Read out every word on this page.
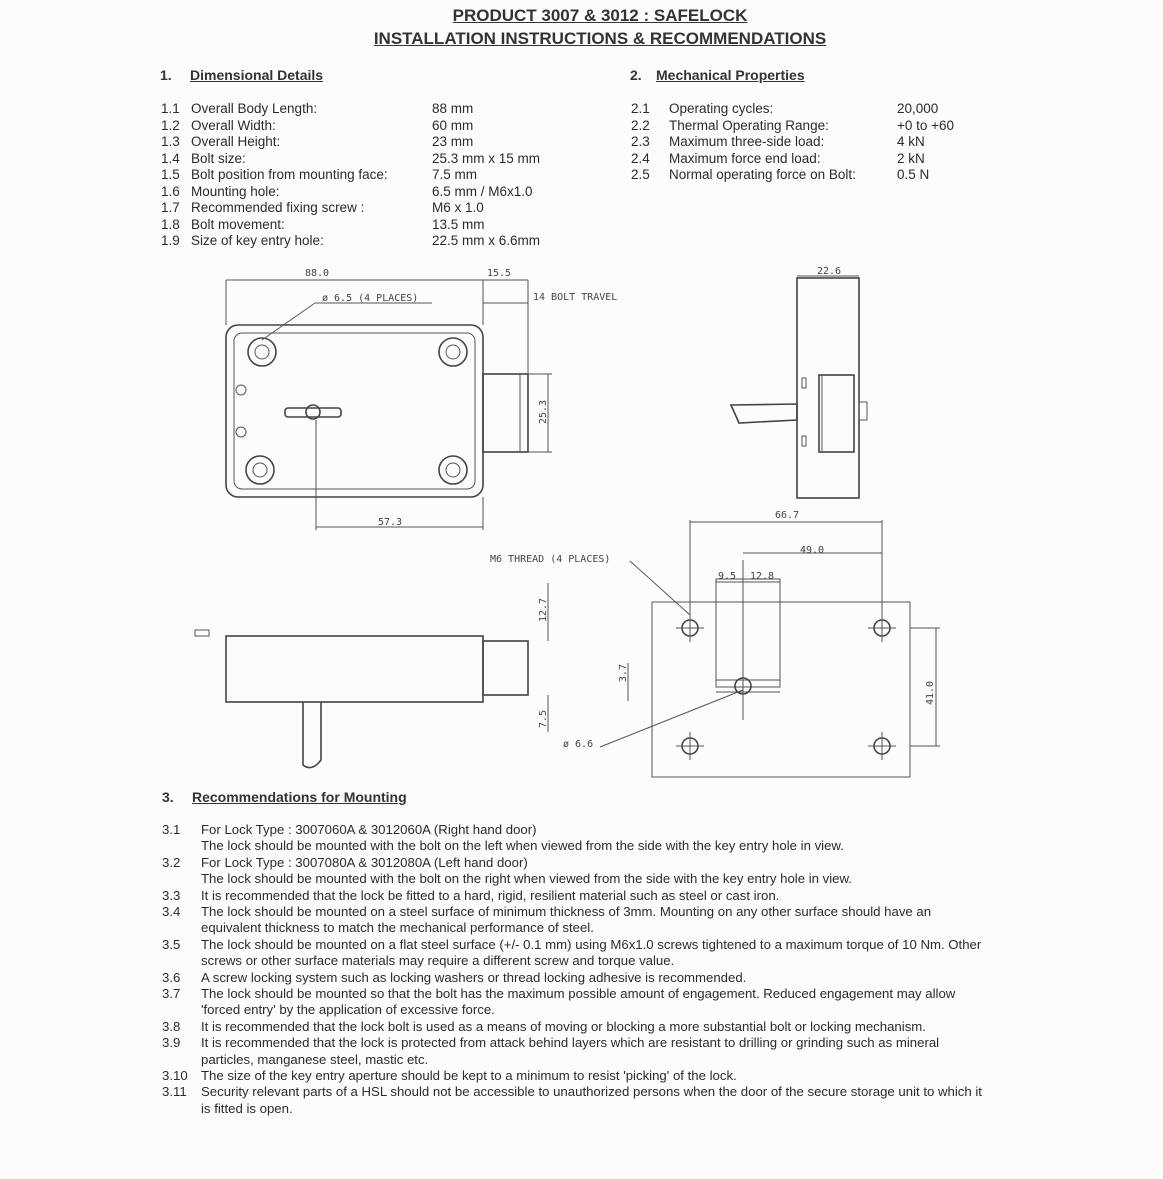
PRODUCT 3007 & 3012 : SAFELOCK
INSTALLATION INSTRUCTIONS & RECOMMENDATIONS
1. Dimensional Details	2. Mechanical Properties
1.1 Overall Body Length:	88 mm
1.2 Overall Width:	60 mm
1.3 Overall Height:	23 mm
1.4 Bolt size:	25.3 mm x 15 mm
1.5 Bolt position from mounting face:	7.5 mm
1.6 Mounting hole:	6.5 mm / M6x1.0
1.7 Recommended fixing screw :	M6 x 1.0
1.8 Bolt movement:	13.5 mm
1.9 Size of key entry hole:	22.5 mm x 6.6mm
2.1 Operating cycles:	20,000
2.2 Thermal Operating Range:	+0 to +60
2.3 Maximum three-side load:	4 kN
2.4 Maximum force end load:	2 kN
2.5 Normal operating force on Bolt:	0.5 N
88.0	15.5
ø 6.5 (4 PLACES)	14 BOLT TRAVEL
25.3
57.3
22.6
12.7
7.5
66.7
49.0
9.5 12.8
M6 THREAD (4 PLACES)
3.7
ø 6.6
41.0
3. Recommendations for Mounting
3.1 For Lock Type : 3007060A & 3012060A (Right hand door)
The lock should be mounted with the bolt on the left when viewed from the side with the key entry hole in view.
3.2 For Lock Type : 3007080A & 3012080A (Left hand door)
The lock should be mounted with the bolt on the right when viewed from the side with the key entry hole in view.
3.3 It is recommended that the lock be fitted to a hard, rigid, resilient material such as steel or cast iron.
3.4 The lock should be mounted on a steel surface of minimum thickness of 3mm. Mounting on any other surface should have an
equivalent thickness to match the mechanical performance of steel.
3.5 The lock should be mounted on a flat steel surface (+/- 0.1 mm) using M6x1.0 screws tightened to a maximum torque of 10 Nm. Other
screws or other surface materials may require a different screw and torque value.
3.6 A screw locking system such as locking washers or thread locking adhesive is recommended.
3.7 The lock should be mounted so that the bolt has the maximum possible amount of engagement. Reduced engagement may allow
'forced entry' by the application of excessive force.
3.8 It is recommended that the lock bolt is used as a means of moving or blocking a more substantial bolt or locking mechanism.
3.9 It is recommended that the lock is protected from attack behind layers which are resistant to drilling or grinding such as mineral
particles, manganese steel, mastic etc.
3.10 The size of the key entry aperture should be kept to a minimum to resist 'picking' of the lock.
3.11 Security relevant parts of a HSL should not be accessible to unauthorized persons when the door of the secure storage unit to which it
is fitted is open.
